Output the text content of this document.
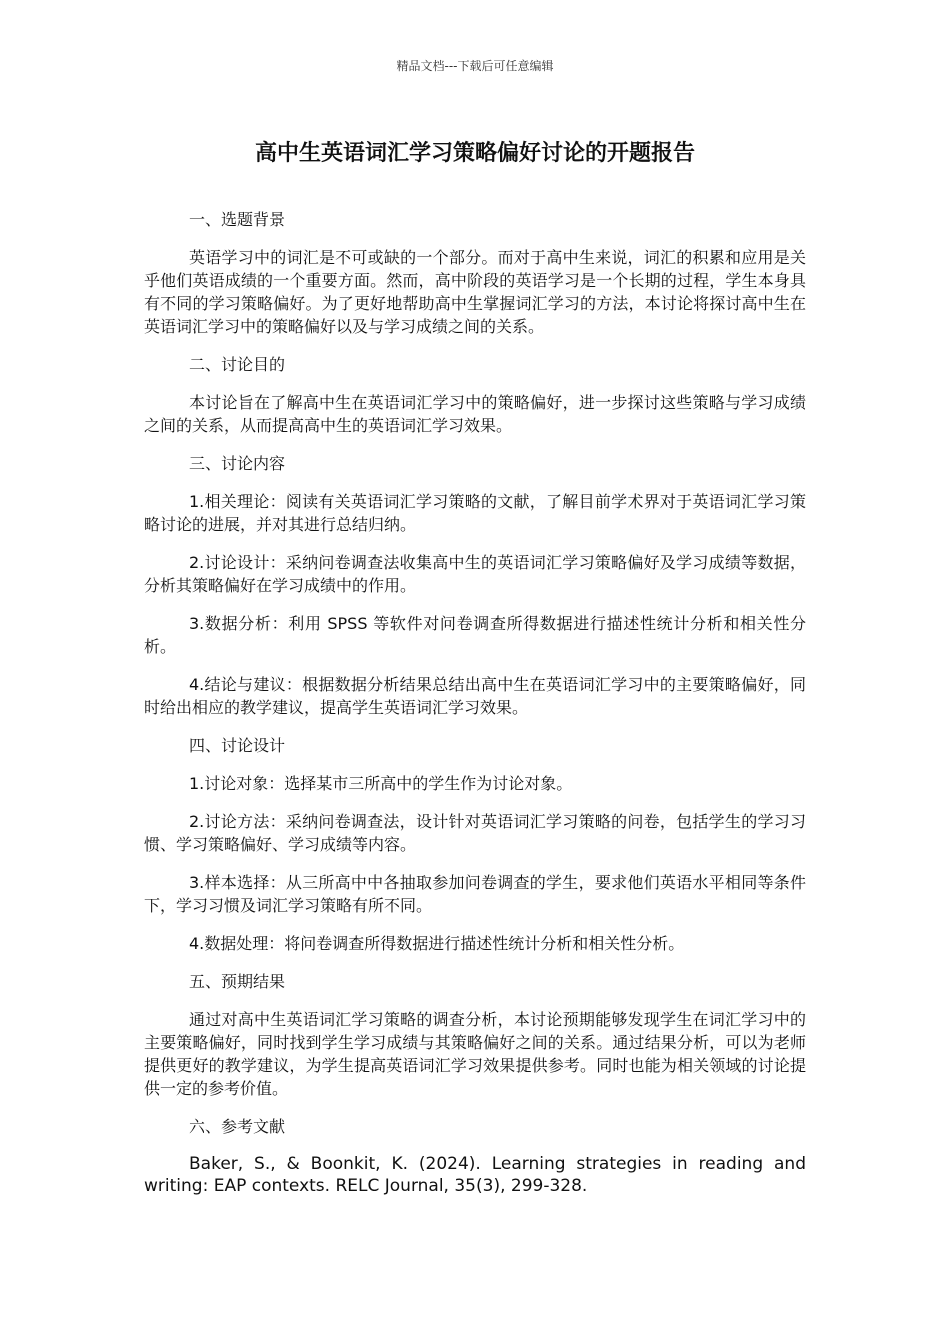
精品文档---下载后可任意编辑
高中生英语词汇学习策略偏好讨论的开题报告

一、选题背景

英语学习中的词汇是不可或缺的一个部分。而对于高中生来说，词汇的积累和应用是关乎他们英语成绩的一个重要方面。然而，高中阶段的英语学习是一个长期的过程，学生本身具有不同的学习策略偏好。为了更好地帮助高中生掌握词汇学习的方法，本讨论将探讨高中生在英语词汇学习中的策略偏好以及与学习成绩之间的关系。

二、讨论目的

本讨论旨在了解高中生在英语词汇学习中的策略偏好，进一步探讨这些策略与学习成绩之间的关系，从而提高高中生的英语词汇学习效果。

三、讨论内容

1.相关理论：阅读有关英语词汇学习策略的文献，了解目前学术界对于英语词汇学习策略讨论的进展，并对其进行总结归纳。

2.讨论设计：采纳问卷调查法收集高中生的英语词汇学习策略偏好及学习成绩等数据，分析其策略偏好在学习成绩中的作用。

3.数据分析：利用 SPSS 等软件对问卷调查所得数据进行描述性统计分析和相关性分析。

4.结论与建议：根据数据分析结果总结出高中生在英语词汇学习中的主要策略偏好，同时给出相应的教学建议，提高学生英语词汇学习效果。

四、讨论设计

1.讨论对象：选择某市三所高中的学生作为讨论对象。

2.讨论方法：采纳问卷调查法，设计针对英语词汇学习策略的问卷，包括学生的学习习惯、学习策略偏好、学习成绩等内容。

3.样本选择：从三所高中中各抽取参加问卷调查的学生，要求他们英语水平相同等条件下，学习习惯及词汇学习策略有所不同。

4.数据处理：将问卷调查所得数据进行描述性统计分析和相关性分析。

五、预期结果

通过对高中生英语词汇学习策略的调查分析，本讨论预期能够发现学生在词汇学习中的主要策略偏好，同时找到学生学习成绩与其策略偏好之间的关系。通过结果分析，可以为老师提供更好的教学建议，为学生提高英语词汇学习效果提供参考。同时也能为相关领域的讨论提供一定的参考价值。

六、参考文献

Baker, S., & Boonkit, K. (2024). Learning strategies in reading and writing: EAP contexts. RELC Journal, 35(3), 299-328.
